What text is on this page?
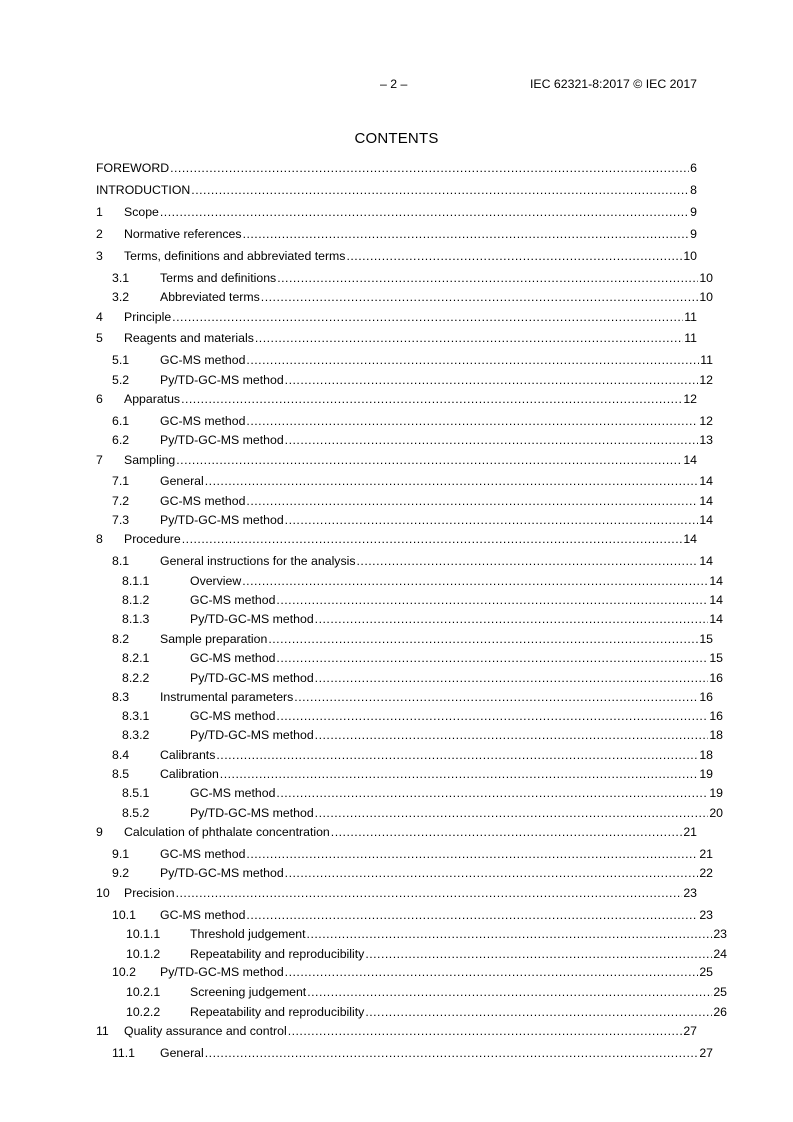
– 2 –	IEC 62321-8:2017 © IEC 2017
CONTENTS
FOREWORD .....	6
INTRODUCTION .....	8
1	Scope .....	9
2	Normative references .....	9
3	Terms, definitions and abbreviated terms .....	10
3.1	Terms and definitions .....	10
3.2	Abbreviated terms .....	10
4	Principle .....	11
5	Reagents and materials .....	11
5.1	GC-MS method .....	11
5.2	Py/TD-GC-MS method .....	12
6	Apparatus .....	12
6.1	GC-MS method .....	12
6.2	Py/TD-GC-MS method .....	13
7	Sampling .....	14
7.1	General .....	14
7.2	GC-MS method .....	14
7.3	Py/TD-GC-MS method .....	14
8	Procedure .....	14
8.1	General instructions for the analysis .....	14
8.1.1	Overview .....	14
8.1.2	GC-MS method .....	14
8.1.3	Py/TD-GC-MS method .....	14
8.2	Sample preparation .....	15
8.2.1	GC-MS method .....	15
8.2.2	Py/TD-GC-MS method .....	16
8.3	Instrumental parameters .....	16
8.3.1	GC-MS method .....	16
8.3.2	Py/TD-GC-MS method .....	18
8.4	Calibrants .....	18
8.5	Calibration .....	19
8.5.1	GC-MS method .....	19
8.5.2	Py/TD-GC-MS method .....	20
9	Calculation of phthalate concentration .....	21
9.1	GC-MS method .....	21
9.2	Py/TD-GC-MS method .....	22
10	Precision .....	23
10.1	GC-MS method .....	23
10.1.1	Threshold judgement .....	23
10.1.2	Repeatability and reproducibility .....	24
10.2	Py/TD-GC-MS method .....	25
10.2.1	Screening judgement .....	25
10.2.2	Repeatability and reproducibility .....	26
11	Quality assurance and control .....	27
11.1	General .....	27
